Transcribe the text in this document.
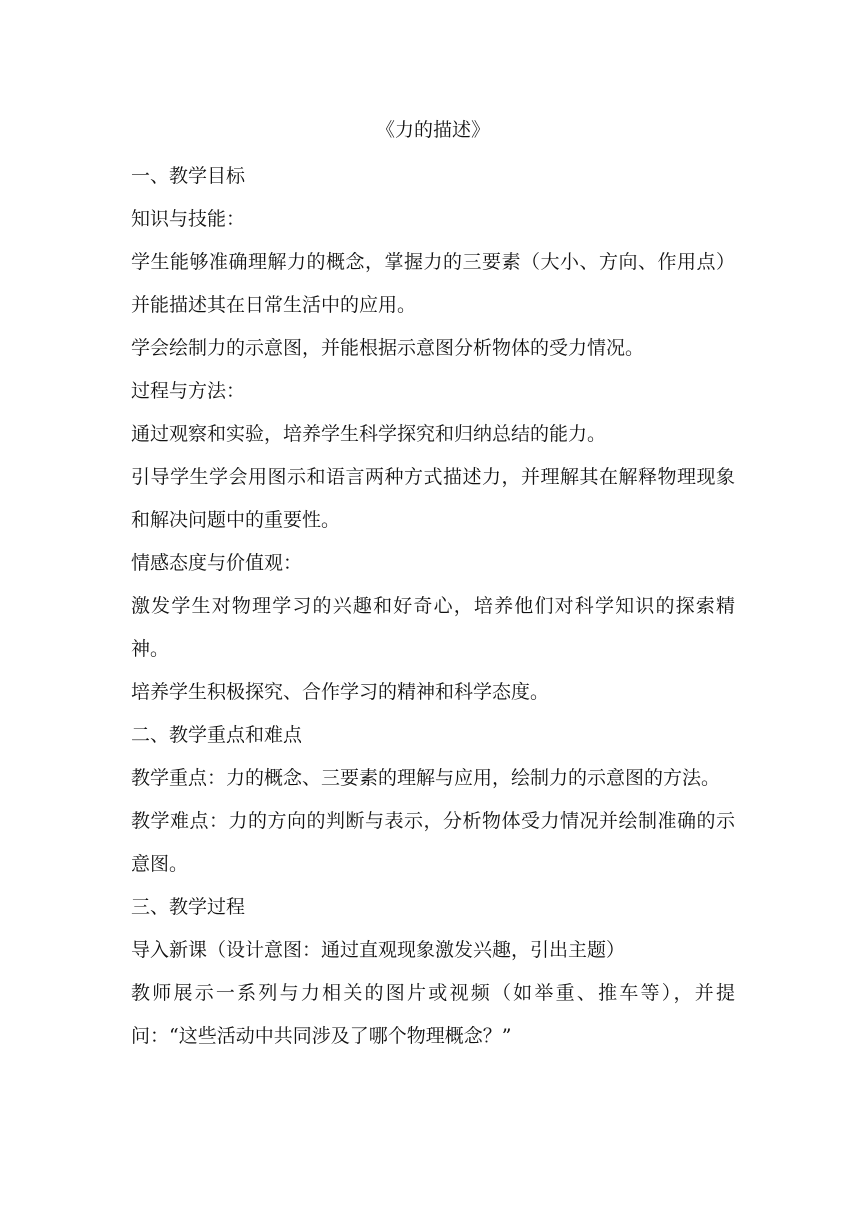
《力的描述》
一、教学目标
知识与技能：
学生能够准确理解力的概念，掌握力的三要素（大小、方向、作用点）并能描述其在日常生活中的应用。
学会绘制力的示意图，并能根据示意图分析物体的受力情况。
过程与方法：
通过观察和实验，培养学生科学探究和归纳总结的能力。
引导学生学会用图示和语言两种方式描述力，并理解其在解释物理现象和解决问题中的重要性。
情感态度与价值观：
激发学生对物理学习的兴趣和好奇心，培养他们对科学知识的探索精神。
培养学生积极探究、合作学习的精神和科学态度。
二、教学重点和难点
教学重点：力的概念、三要素的理解与应用，绘制力的示意图的方法。
教学难点：力的方向的判断与表示，分析物体受力情况并绘制准确的示意图。
三、教学过程
导入新课（设计意图：通过直观现象激发兴趣，引出主题）
教师展示一系列与力相关的图片或视频（如举重、推车等），并提问：“这些活动中共同涉及了哪个物理概念？”
